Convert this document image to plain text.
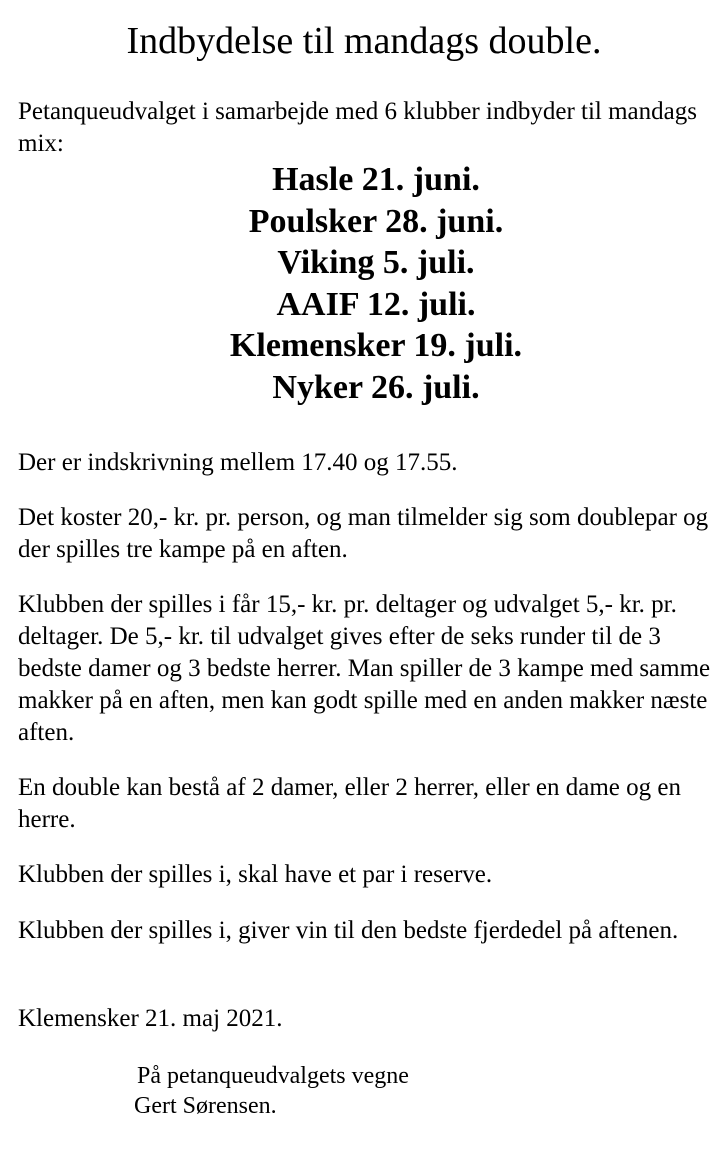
Indbydelse til mandags double.

Petanqueudvalget i samarbejde med 6 klubber indbyder til mandags mix:

Hasle 21. juni.
Poulsker 28. juni.
Viking 5. juli.
AAIF 12. juli.
Klemensker 19. juli.
Nyker 26. juli.

Der er indskrivning mellem 17.40 og 17.55.

Det koster 20,- kr. pr. person, og man tilmelder sig som doublepar og der spilles tre kampe på en aften.

Klubben der spilles i får 15,- kr. pr. deltager og udvalget 5,- kr. pr. deltager. De 5,- kr. til udvalget gives efter de seks runder til de 3 bedste damer og 3 bedste herrer. Man spiller de 3 kampe med samme makker på en aften, men kan godt spille med en anden makker næste aften.

En double kan bestå af 2 damer, eller 2 herrer, eller en dame og en herre.

Klubben der spilles i, skal have et par i reserve.

Klubben der spilles i, giver vin til den bedste fjerdedel på aftenen.

Klemensker 21. maj 2021.

På petanqueudvalgets vegne
Gert Sørensen.
